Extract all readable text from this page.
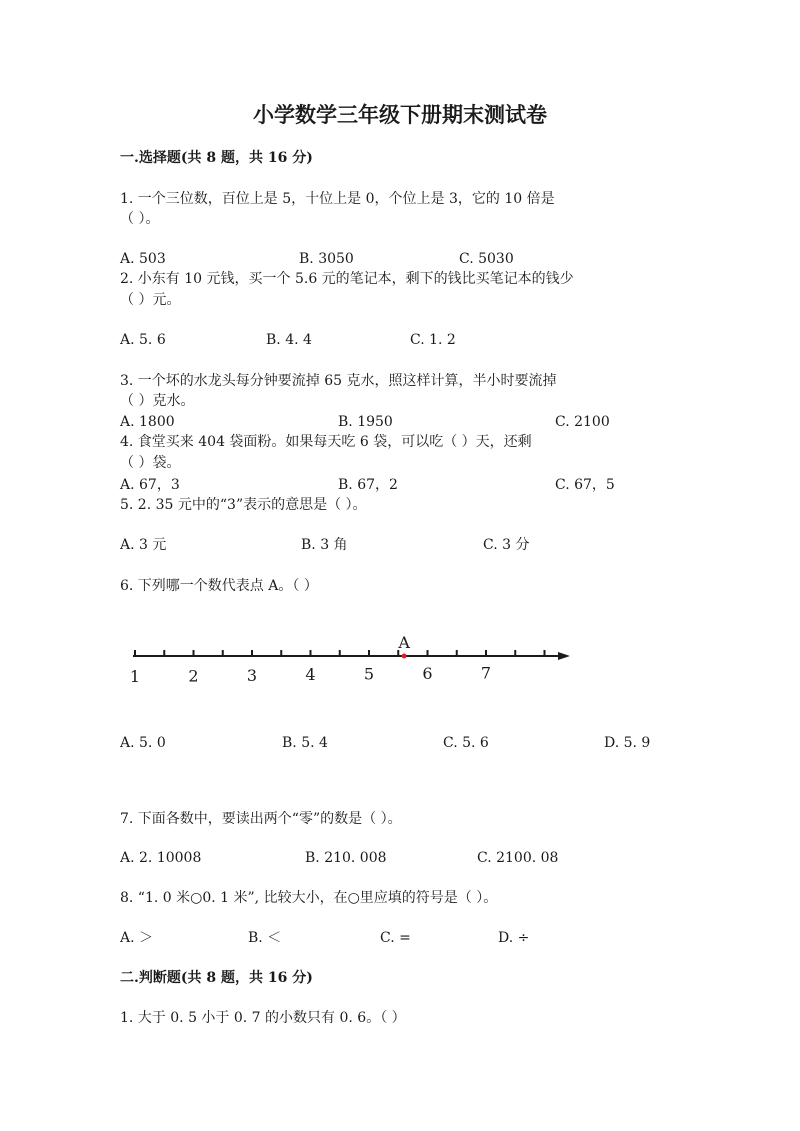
小学数学三年级下册期末测试卷
一.选择题(共 8 题，共 16 分)
1. 一个三位数，百位上是 5，十位上是 0，个位上是 3，它的 10 倍是
（ ）。
A. 503	B. 3050	C. 5030
2. 小东有 10 元钱，买一个 5.6 元的笔记本，剩下的钱比买笔记本的钱少
（ ）元。
A. 5. 6	B. 4. 4	C. 1. 2
3. 一个坏的水龙头每分钟要流掉 65 克水，照这样计算，半小时要流掉
（ ）克水。
A. 1800	B. 1950	C. 2100
4. 食堂买来 404 袋面粉。如果每天吃 6 袋，可以吃（ ）天，还剩
（ ）袋。
A. 67，3	B. 67，2	C. 67，5
5. 2. 35 元中的“3”表示的意思是（ ）。
A. 3 元	B. 3 角	C. 3 分
6. 下列哪一个数代表点 A。（ ）
1	2	3	4	5	6	7
A
A. 5. 0	B. 5. 4	C. 5. 6	D. 5. 9
7. 下面各数中，要读出两个“零”的数是（ ）。
A. 2. 10008	B. 210. 008	C. 2100. 08
8. “1. 0 米○0. 1 米”, 比较大小，在○里应填的符号是（ ）。
A. ＞	B. ＜	C. =	D. ÷
二.判断题(共 8 题，共 16 分)
1. 大于 0. 5 小于 0. 7 的小数只有 0. 6。（ ）
